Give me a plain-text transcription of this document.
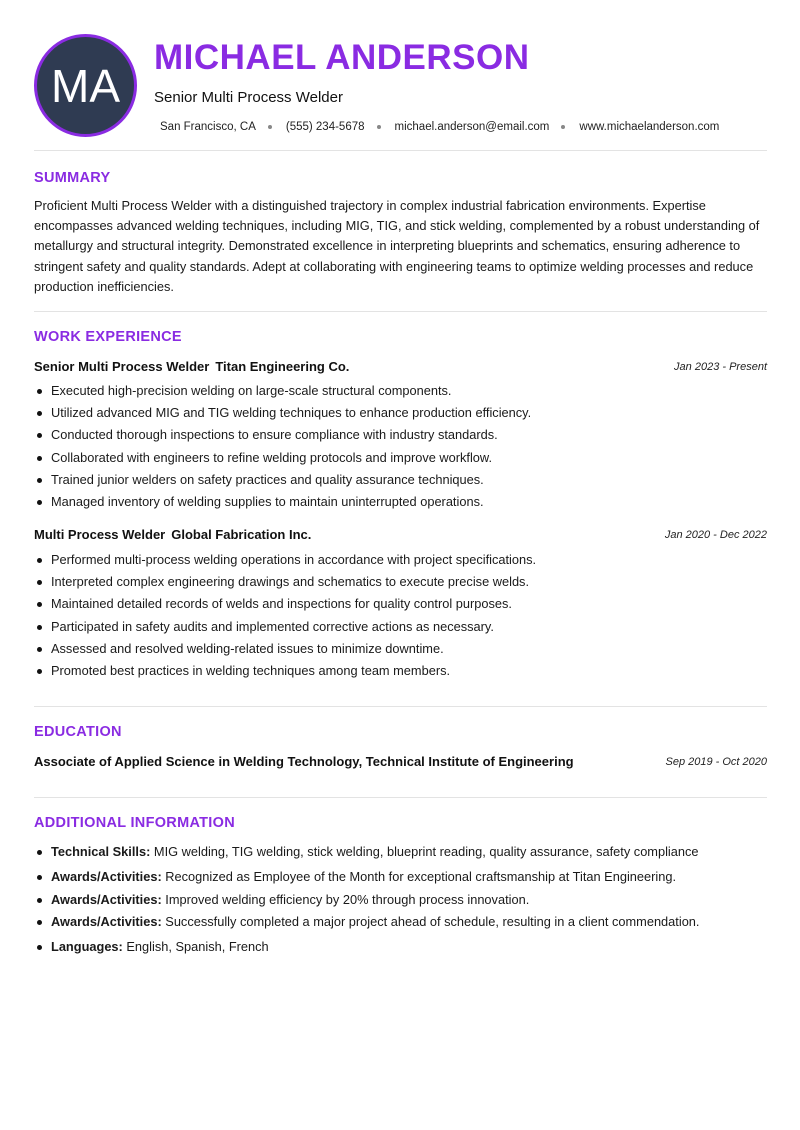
MA
MICHAEL ANDERSON
Senior Multi Process Welder
San Francisco, CA	(555) 234-5678	michael.anderson@email.com	www.michaelanderson.com
SUMMARY
Proficient Multi Process Welder with a distinguished trajectory in complex industrial fabrication environments. Expertise encompasses advanced welding techniques, including MIG, TIG, and stick welding, complemented by a robust understanding of metallurgy and structural integrity. Demonstrated excellence in interpreting blueprints and schematics, ensuring adherence to stringent safety and quality standards. Adept at collaborating with engineering teams to optimize welding processes and reduce production inefficiencies.
WORK EXPERIENCE
Senior Multi Process Welder Titan Engineering Co.	Jan 2023 - Present
Executed high-precision welding on large-scale structural components.
Utilized advanced MIG and TIG welding techniques to enhance production efficiency.
Conducted thorough inspections to ensure compliance with industry standards.
Collaborated with engineers to refine welding protocols and improve workflow.
Trained junior welders on safety practices and quality assurance techniques.
Managed inventory of welding supplies to maintain uninterrupted operations.
Multi Process Welder Global Fabrication Inc.	Jan 2020 - Dec 2022
Performed multi-process welding operations in accordance with project specifications.
Interpreted complex engineering drawings and schematics to execute precise welds.
Maintained detailed records of welds and inspections for quality control purposes.
Participated in safety audits and implemented corrective actions as necessary.
Assessed and resolved welding-related issues to minimize downtime.
Promoted best practices in welding techniques among team members.
EDUCATION
Associate of Applied Science in Welding Technology, Technical Institute of Engineering	Sep 2019 - Oct 2020
ADDITIONAL INFORMATION
Technical Skills: MIG welding, TIG welding, stick welding, blueprint reading, quality assurance, safety compliance
Awards/Activities: Recognized as Employee of the Month for exceptional craftsmanship at Titan Engineering.
Awards/Activities: Improved welding efficiency by 20% through process innovation.
Awards/Activities: Successfully completed a major project ahead of schedule, resulting in a client commendation.
Languages: English, Spanish, French
